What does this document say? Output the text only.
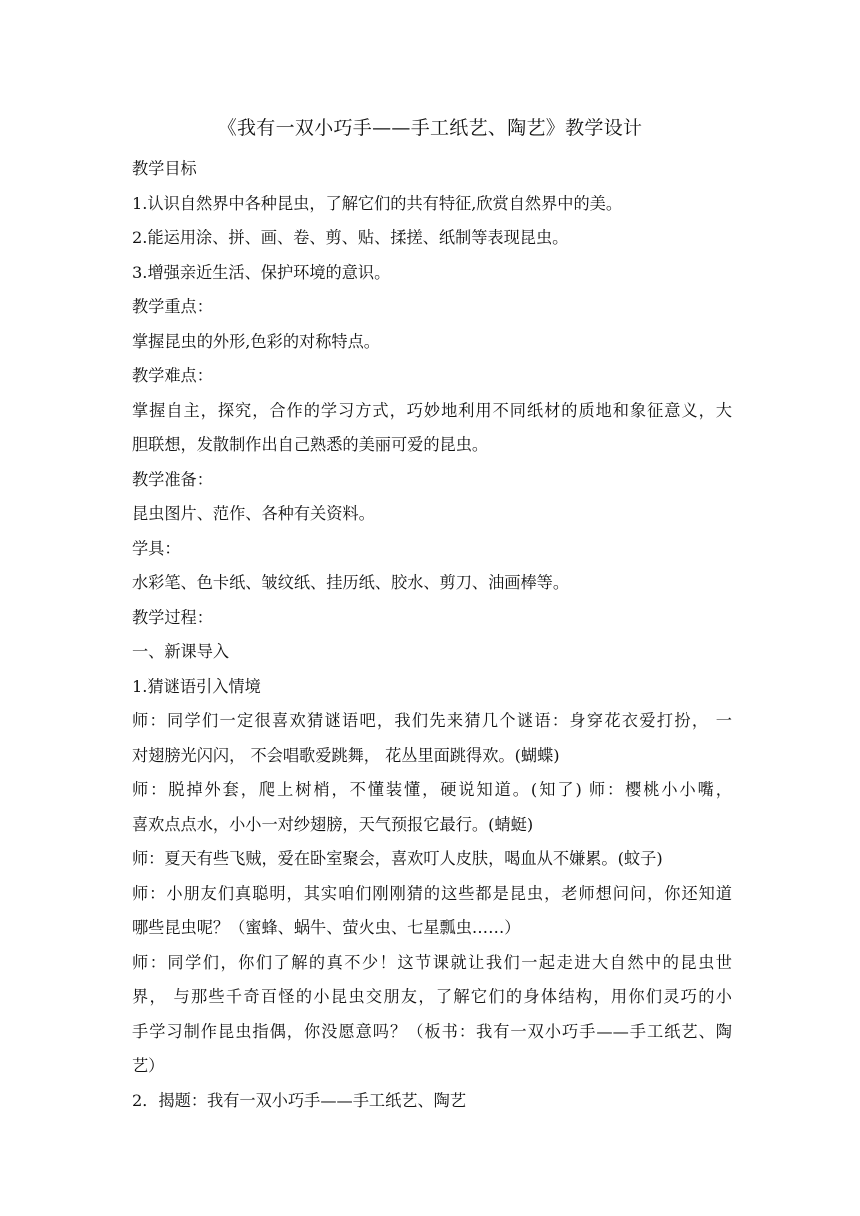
《我有一双小巧手——手工纸艺、陶艺》教学设计

教学目标

1.认识自然界中各种昆虫，了解它们的共有特征,欣赏自然界中的美。

2.能运用涂、拼、画、卷、剪、贴、揉搓、纸制等表现昆虫。

3.增强亲近生活、保护环境的意识。

教学重点：

掌握昆虫的外形,色彩的对称特点。

教学难点：

掌握自主，探究，合作的学习方式，巧妙地利用不同纸材的质地和象征意义，大

胆联想，发散制作出自己熟悉的美丽可爱的昆虫。

教学准备：

昆虫图片、范作、各种有关资料。

学具：

水彩笔、色卡纸、皱纹纸、挂历纸、胶水、剪刀、油画棒等。

教学过程：

一、新课导入

1.猜谜语引入情境

师：同学们一定很喜欢猜谜语吧，我们先来猜几个谜语：身穿花衣爱打扮， 一

对翅膀光闪闪， 不会唱歌爱跳舞， 花丛里面跳得欢。(蝴蝶)

师：脱掉外套，爬上树梢，不懂装懂，硬说知道。(知了) 师：樱桃小小嘴，

喜欢点点水，小小一对纱翅膀，天气预报它最行。(蜻蜓)

师：夏天有些飞贼，爱在卧室聚会，喜欢叮人皮肤，喝血从不嫌累。(蚊子)

师：小朋友们真聪明，其实咱们刚刚猜的这些都是昆虫，老师想问问，你还知道

哪些昆虫呢？（蜜蜂、蜗牛、萤火虫、七星瓢虫……）

师：同学们，你们了解的真不少！这节课就让我们一起走进大自然中的昆虫世

界， 与那些千奇百怪的小昆虫交朋友，了解它们的身体结构，用你们灵巧的小

手学习制作昆虫指偶，你没愿意吗？（板书：我有一双小巧手——手工纸艺、陶

艺）

2．揭题：我有一双小巧手——手工纸艺、陶艺
